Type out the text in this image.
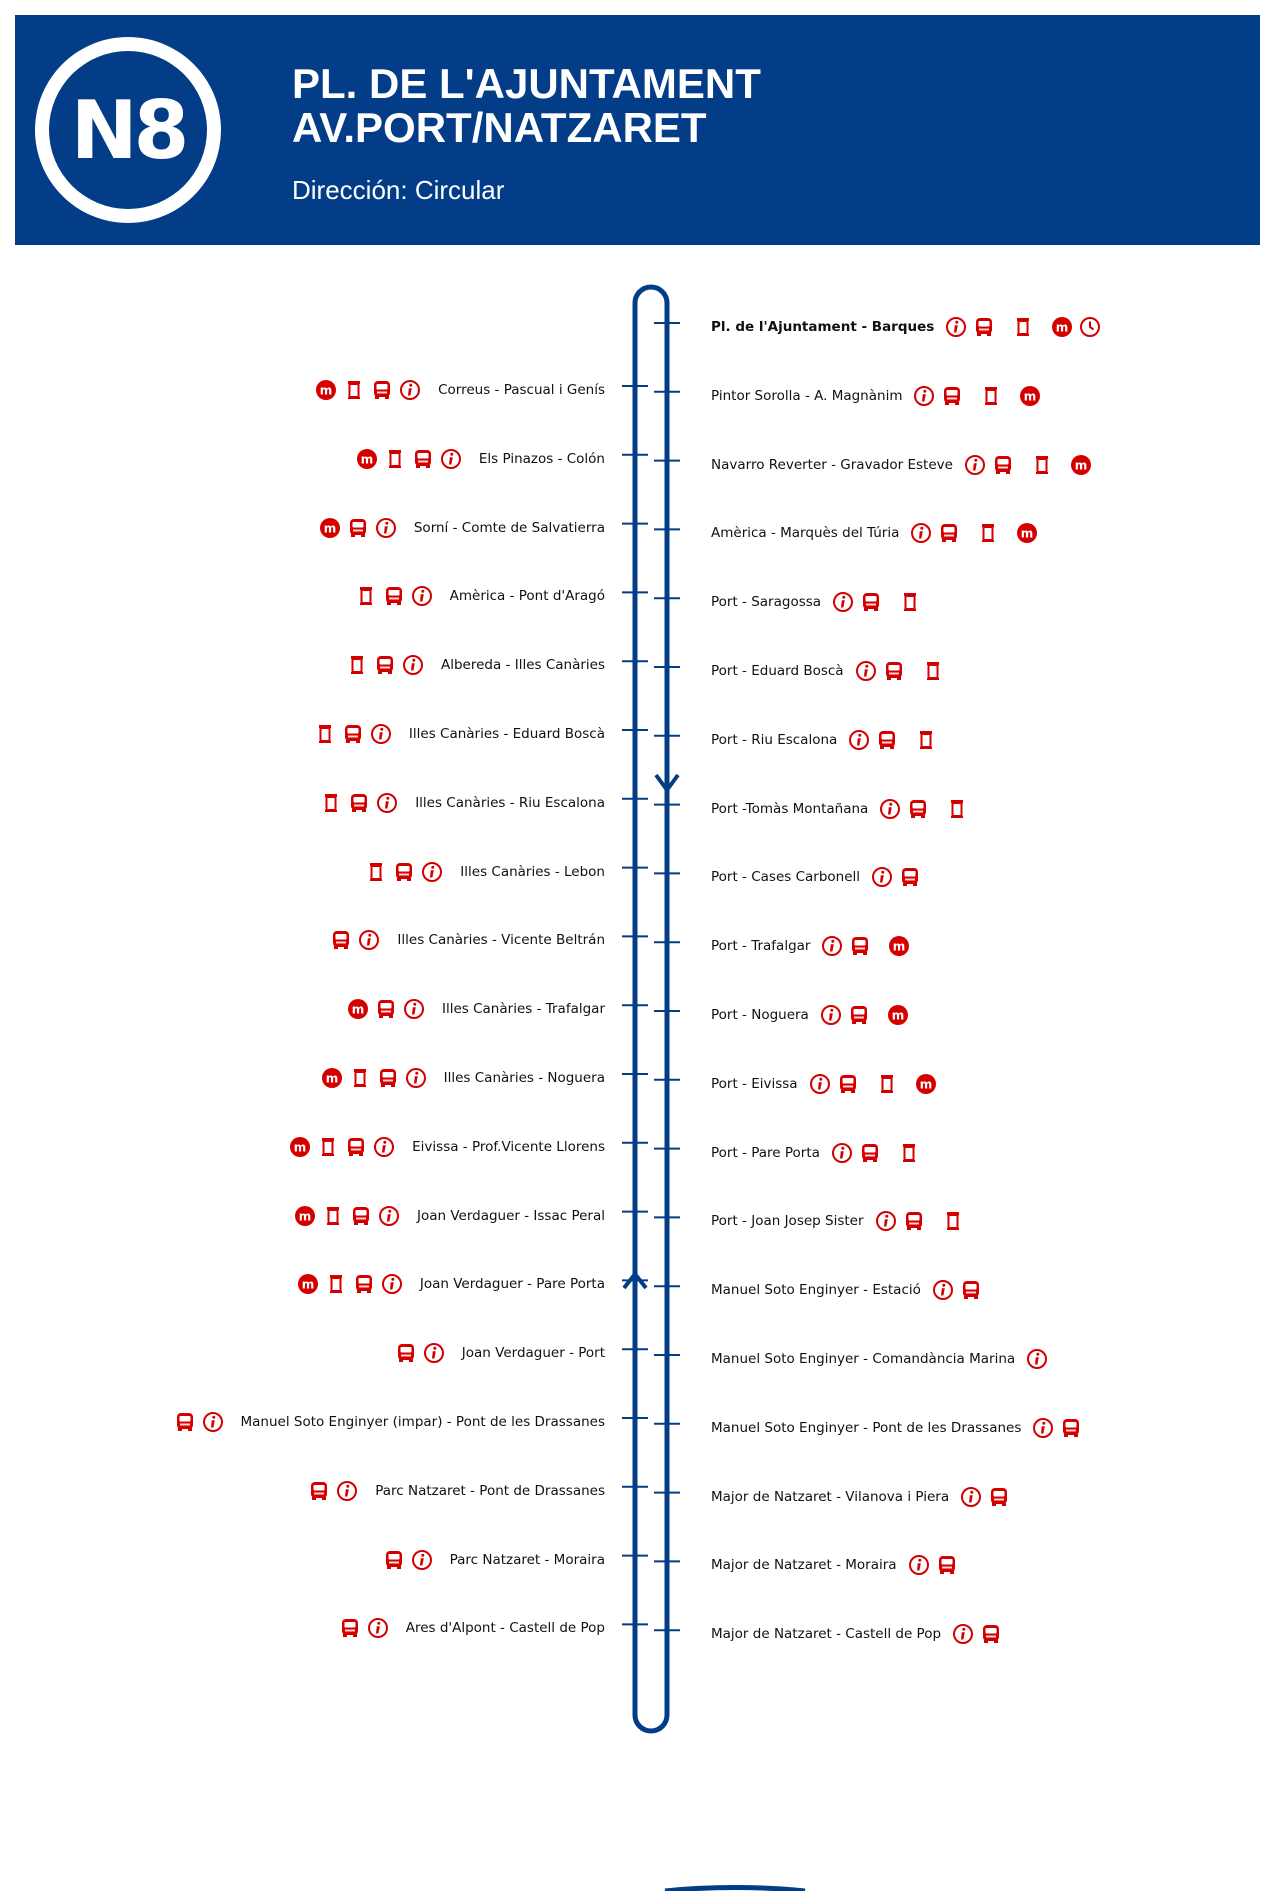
N8	PL. DE L'AJUNTAMENT
AV.PORT/NATZARET
Dirección: Circular
Pl. de l'Ajuntament - Barques	m
Pintor Sorolla - A. Magnànim	m
Navarro Reverter - Gravador Esteve	m
Amèrica - Marquès del Túria	m
Port - Saragossa
Port - Eduard Boscà
Port - Riu Escalona
Port -Tomàs Montañana
Port - Cases Carbonell
Port - Trafalgar	m
Port - Noguera	m
Port - Eivissa	m
Port - Pare Porta
Port - Joan Josep Sister
Manuel Soto Enginyer - Estació
Manuel Soto Enginyer - Comandància Marina
Manuel Soto Enginyer - Pont de les Drassanes
Major de Natzaret - Vilanova i Piera
Major de Natzaret - Moraira
Major de Natzaret - Castell de Pop
Correus - Pascual i Genís
m
Els Pinazos - Colón
m
Sorní - Comte de Salvatierra
m
Amèrica - Pont d'Aragó
Albereda - Illes Canàries
Illes Canàries - Eduard Boscà
Illes Canàries - Riu Escalona
Illes Canàries - Lebon
Illes Canàries - Vicente Beltrán
Illes Canàries - Trafalgar
m
Illes Canàries - Noguera
m
Eivissa - Prof.Vicente Llorens
m
Joan Verdaguer - Issac Peral
m
Joan Verdaguer - Pare Porta
m
Joan Verdaguer - Port
Manuel Soto Enginyer (impar) - Pont de les Drassanes
Parc Natzaret - Pont de Drassanes
Parc Natzaret - Moraira
Ares d'Alpont - Castell de Pop
